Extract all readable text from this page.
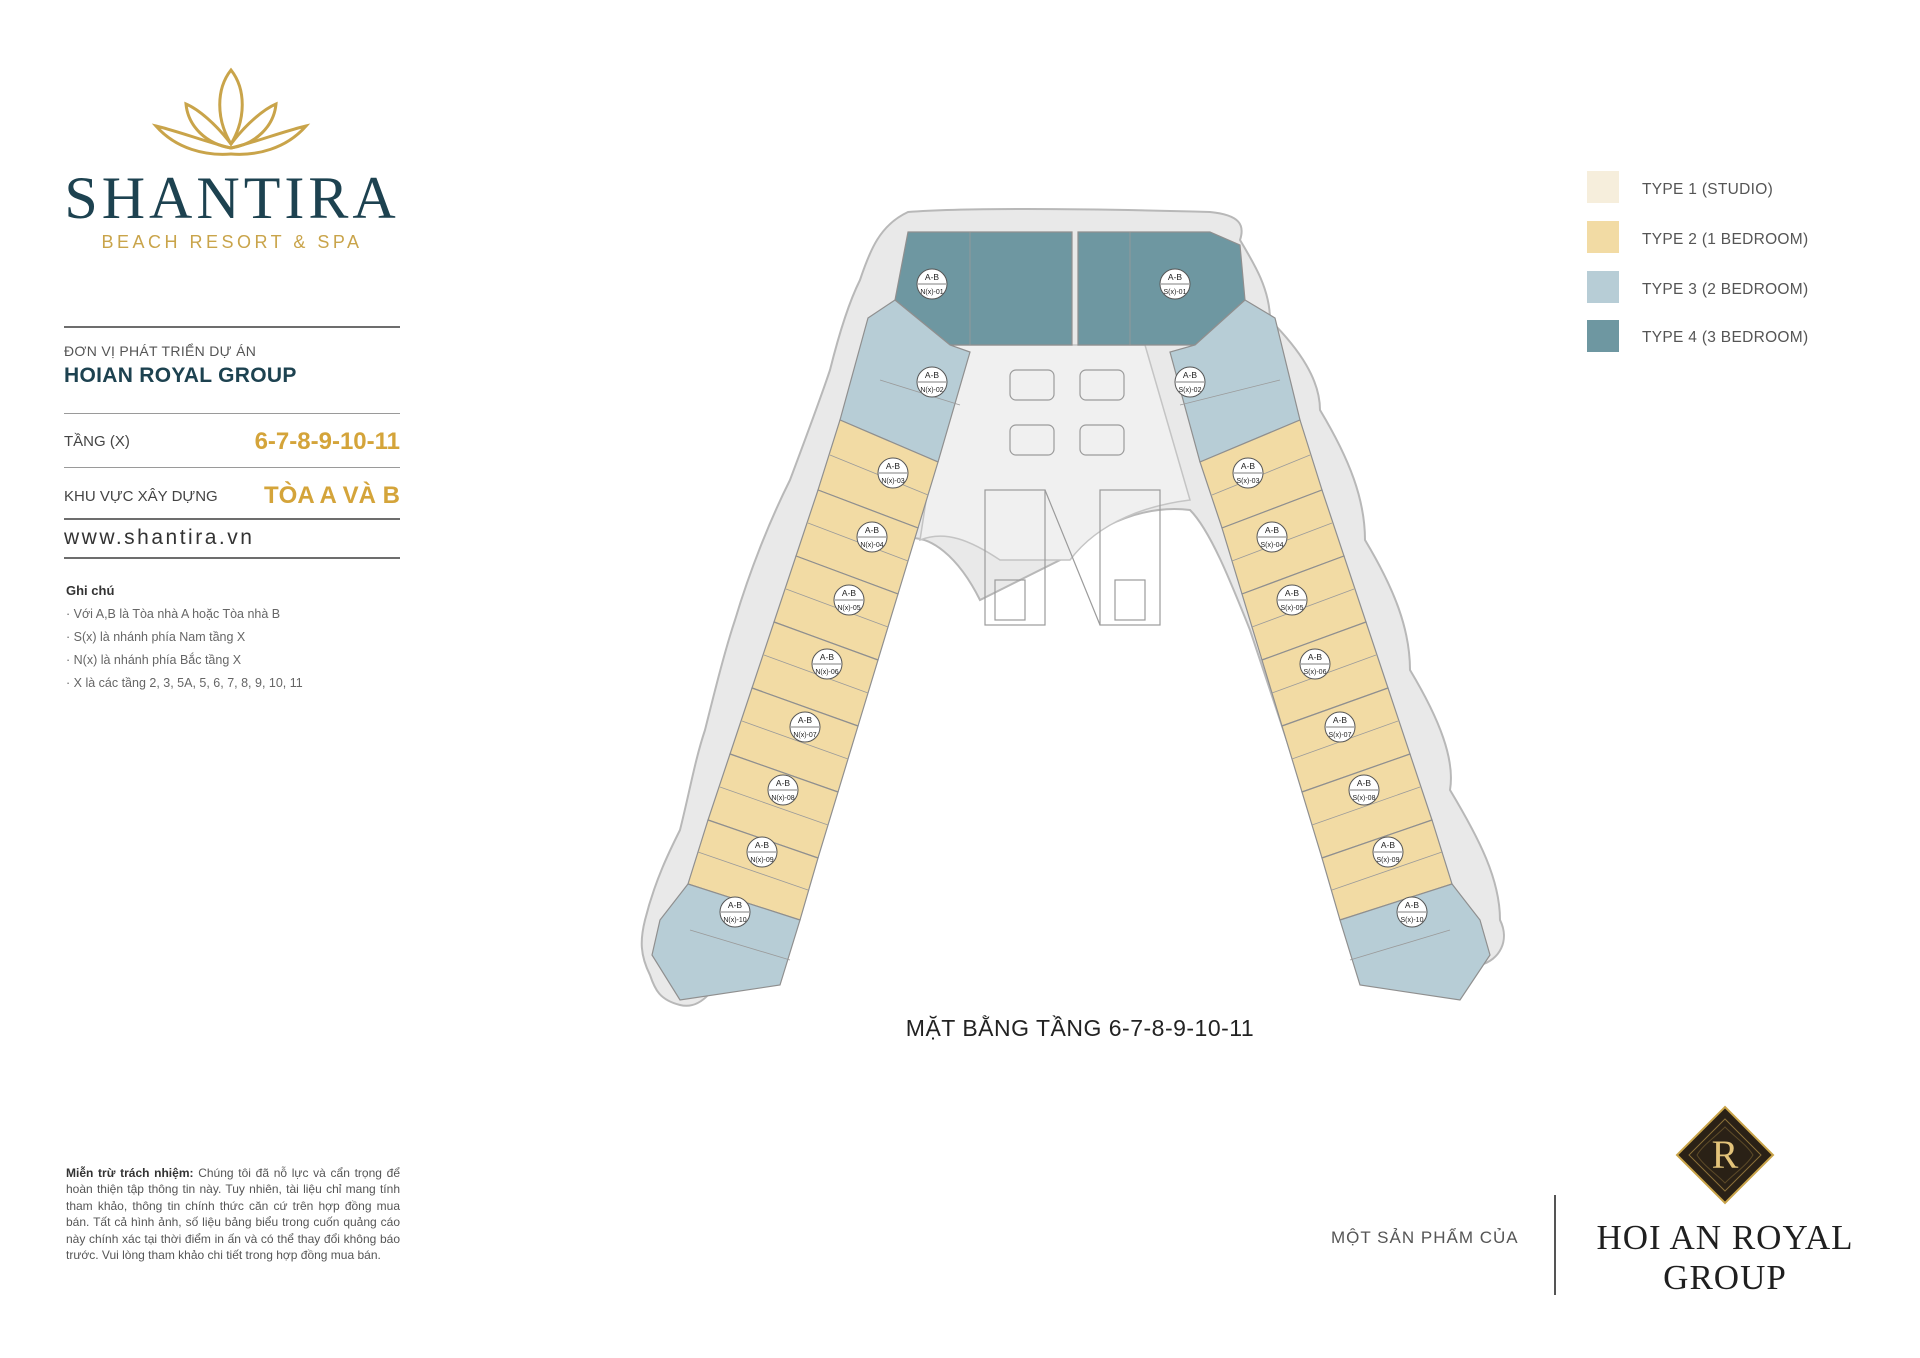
SHANTIRA
BEACH RESORT & SPA
ĐƠN VỊ PHÁT TRIỂN DỰ ÁN
HOIAN ROYAL GROUP
TẦNG (X)	6-7-8-9-10-11
KHU VỰC XÂY DỰNG TÒA A VÀ B
www.shantira.vn
Ghi chú
· Với A,B là Tòa nhà A hoặc Tòa nhà B
· S(x) là nhánh phía Nam tầng X
· N(x) là nhánh phía Bắc tầng X
· X là các tầng 2, 3, 5A, 5, 6, 7, 8, 9, 10, 11
Miễn trừ trách nhiệm: Chúng tôi đã nỗ lực và cẩn trọng để hoàn thiện tập thông tin này. Tuy nhiên, tài liệu chỉ mang tính tham khảo, thông tin chính thức căn cứ trên hợp đồng mua bán. Tất cả hình ảnh, số liệu bảng biểu trong cuốn quảng cáo này chính xác tại thời điểm in ấn và có thể thay đổi không báo trước. Vui lòng tham khảo chi tiết trong hợp đồng mua bán.
TYPE 1 (STUDIO)
TYPE 2 (1 BEDROOM)
TYPE 3 (2 BEDROOM)
TYPE 4 (3 BEDROOM)
A-B
N(x)-01
A-B
N(x)-02
A-B
N(x)-03
A-B
N(x)-04
A-B
N(x)-05
A-B
N(x)-06
A-B
N(x)-07
A-B
N(x)-08
A-B
N(x)-09
A-B
N(x)-10
A-B
S(x)-01
A-B
S(x)-02
A-B
S(x)-03
A-B
S(x)-04
A-B
S(x)-05
A-B
S(x)-06
A-B
S(x)-07
A-B
S(x)-08
A-B
S(x)-09
A-B
S(x)-10
MẶT BẰNG TẦNG 6-7-8-9-10-11
MỘT SẢN PHẨM CỦA
R
HOI AN ROYAL
GROUP
